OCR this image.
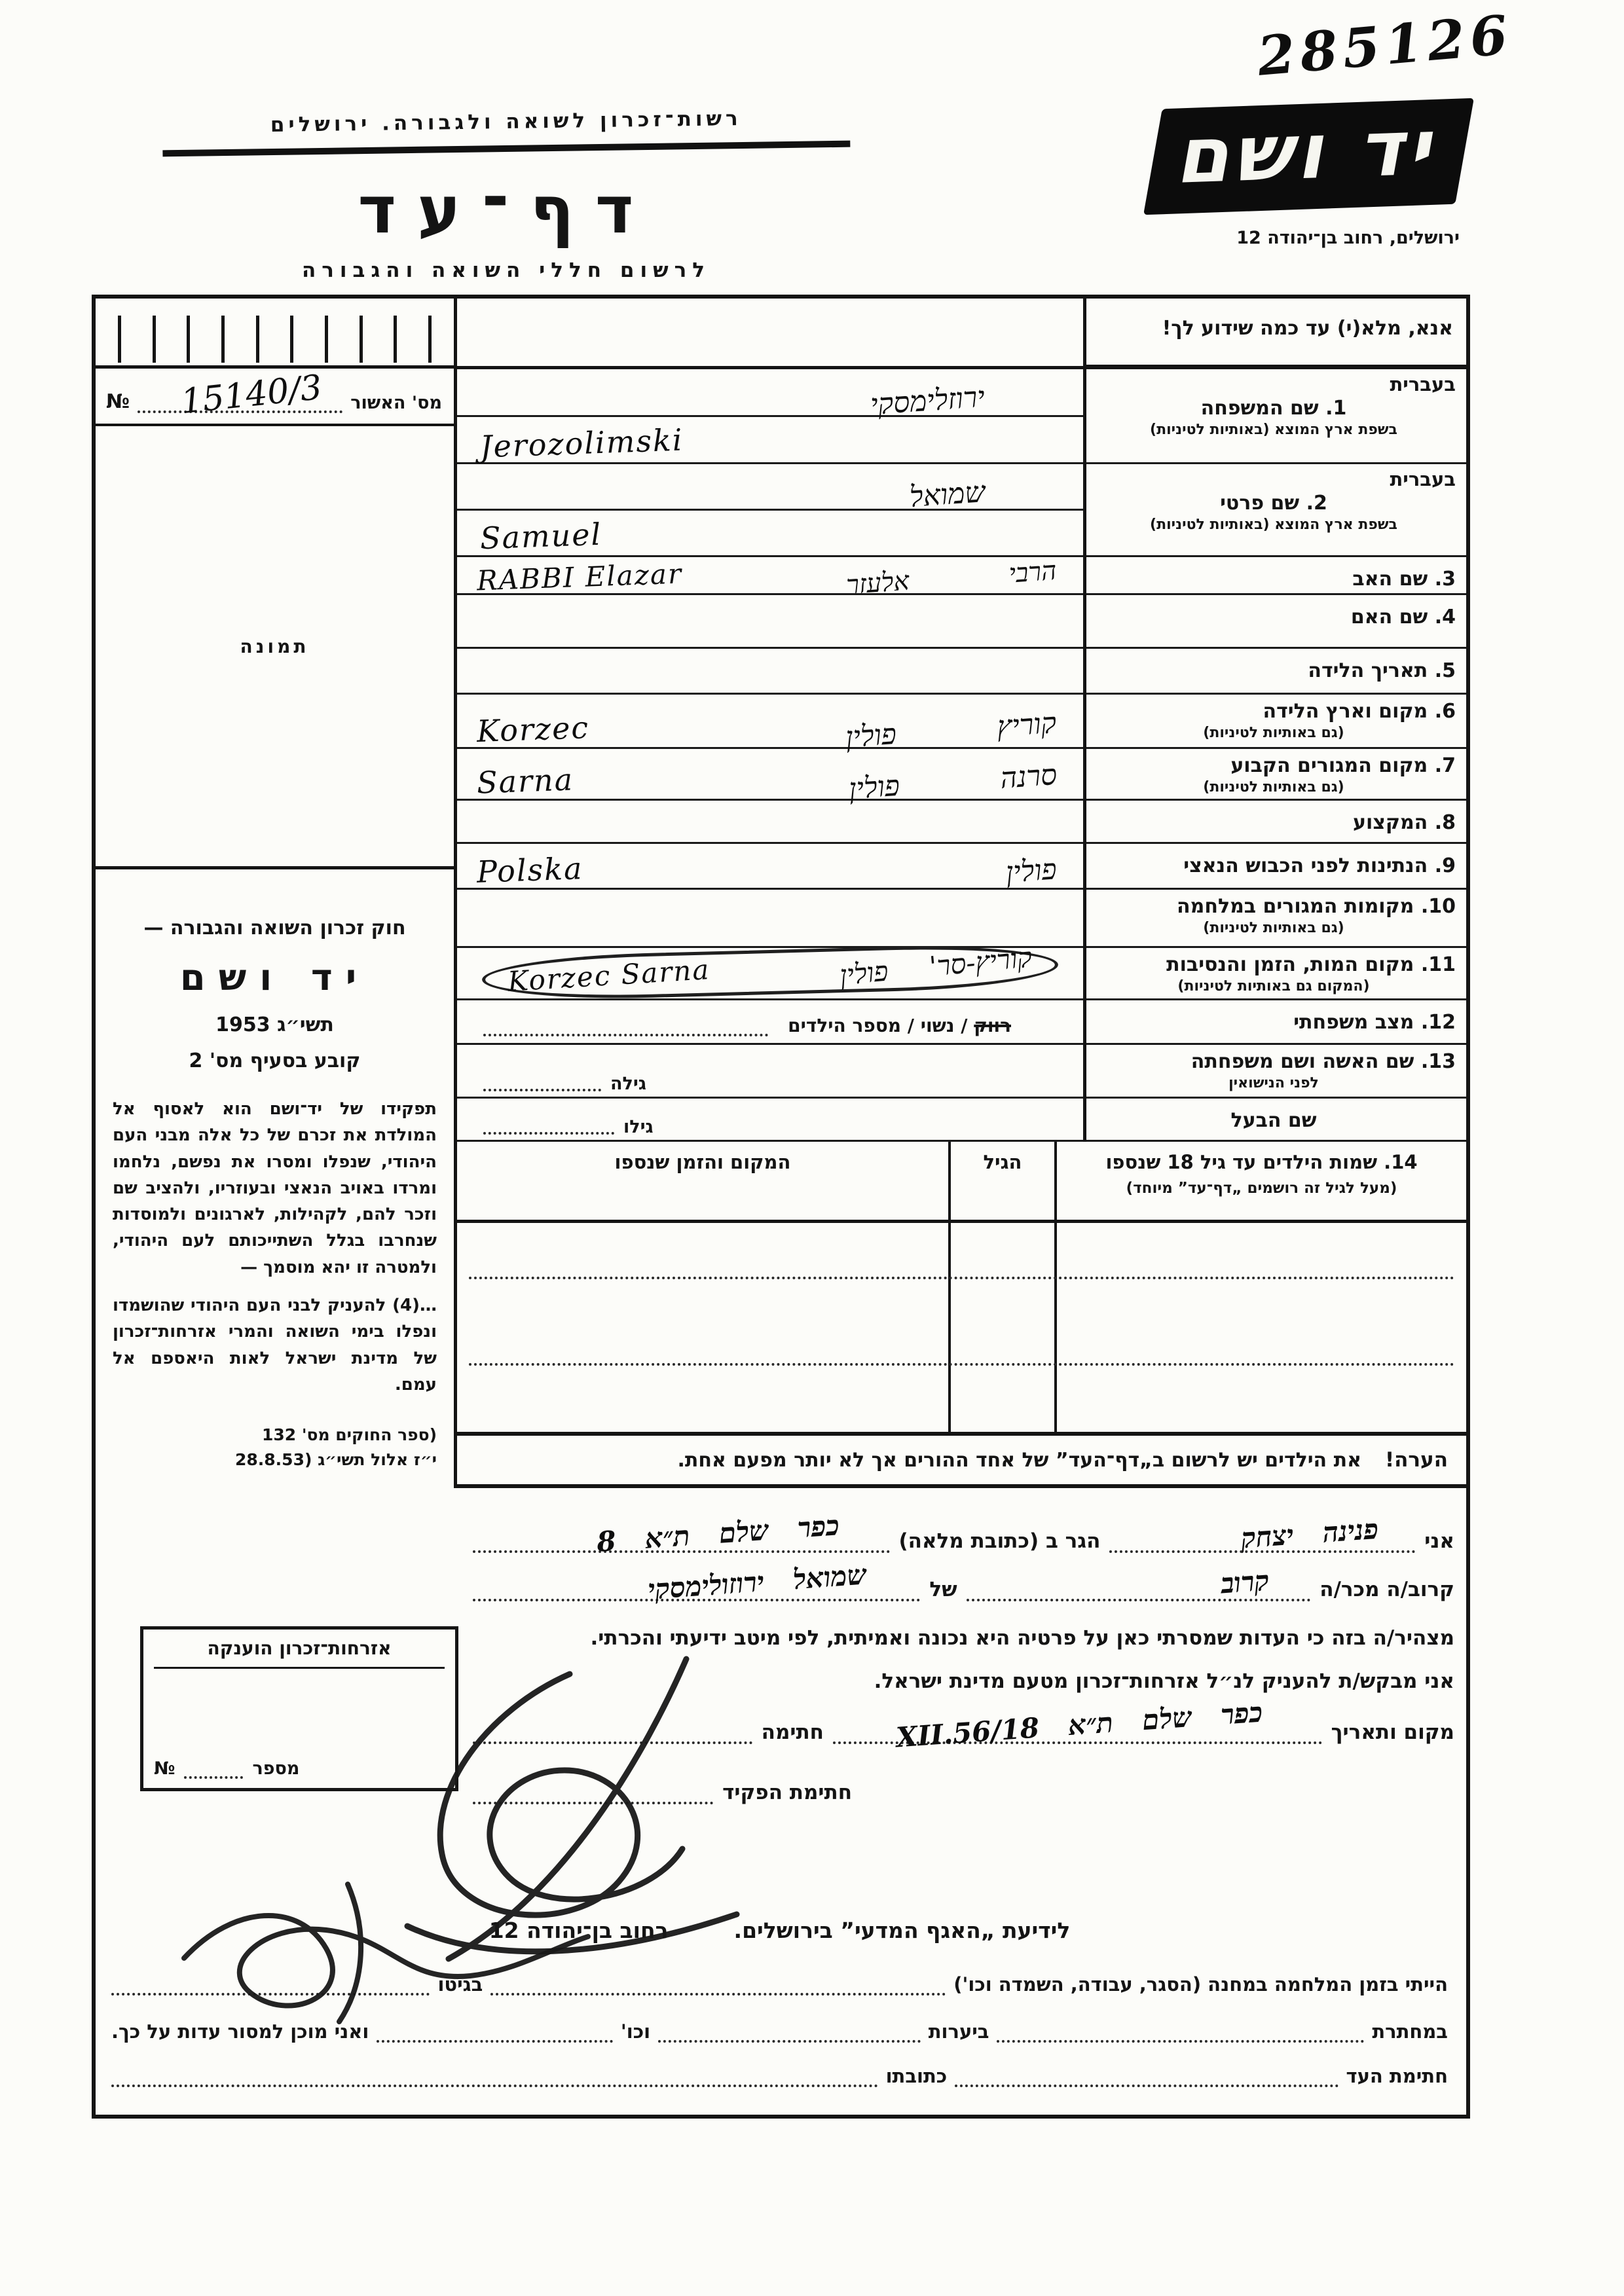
285126
רשות־זכרון לשואה ולגבורה. ירושלים
דף־עד
לרשום חללי השואה והגבורה
יד ושם
ירושלים, רחוב בן־יהודה 12
מס' האשור
15140/3
№
תמונה
חוק זכרון השואה והגבורה —
יד ושם
תשי״ג 1953
קובע בסעיף מס' 2

תפקידו של יד־ושם הוא לאסוף אל המולדת את זכרם של כל אלה מבני העם היהודי, שנפלו ומסרו את נפשם, נלחמו ומרדו באויב הנאצי ובעוזריו, ולהציב שם וזכר להם, לקהילות, לארגונים ולמוסדות שנחרבו בגלל השתייכותם לעם היהודי, ולמטרה זו יהא מוסמך —

…(4) להעניק לבני העם היהודי שהושמדו ונפלו בימי השואה והמרי אזרחות־זכרון של מדינת ישראל לאות היאספם אל עמם.

(ספר החוקים מס' 132
י״ז אלול תשי״ג (28.8.53
אנא, מלא(י) עד כמה שידוע לך!
בעברית
1. שם המשפחה
בשפת ארץ המוצא (באותיות לטיניות)
בעברית
2. שם פרטי
בשפת ארץ המוצא (באותיות לטיניות)
3. שם האב
4. שם האם
5. תאריך הלידה
6. מקום וארץ הלידה
(גם באותיות לטיניות)
7. מקום המגורים הקבוע
(גם באותיות לטיניות)
8. המקצוע
9. הנתינות לפני הכבוש הנאצי
10. מקומות המגורים במלחמה
(גם באותיות לטיניות)
11. מקום המות, הזמן והנסיבות
(המקום גם באותיות לטיניות)
12. מצב משפחתי
13. שם האשה ושם משפחתה
לפני הנישואין
שם הבעל
ירוזלימסקי
Jerozolimski
שמואל
Samuel
הרבי אלעזר
RABBI Elazar
קוריץ פולין
Korzec
סרנה פולין
Sarna
פולין
Polska
קוריץ-סר' פולין
Korzec Sarna
רווק / נשוי / מספר הילדים
גילה
גילו
14. שמות הילדים עד גיל 18 שנספו
(מעל לגיל זה רושמים „דף־עד” מיוחד)
הגיל
המקום והזמן שנספו
הערה!
את הילדים יש לרשום ב„דף־העד” של אחד ההורים אך לא יותר מפעם אחת.
אני
פנינה יצחק
הגר ב (כתובת מלאה)
כפר שלם ת״א 8
קרוב/ה מכר/ה
קרוב
של
שמואל ירוזולימסקי
מצהיר/ה בזה כי העדות שמסרתי כאן על פרטיה היא נכונה ואמיתית, לפי מיטב ידיעתי והכרתי.
אני מבקש/ת להעניק לנ״ל אזרחות־זכרון מטעם מדינת ישראל.
מקום ותאריך
כפר שלם ת״א 18/XII.56
חתימה
חתימת הפקיד
אזרחות־זכרון הוענקה
מספר
№
לידיעת „האגף המדעי” בירושלים.
רחוב בן־יהודה 12
הייתי בזמן המלחמה במחנה (הסגר, עבודה, השמדה וכו')
בגיטו
במחתרת
ביערות
וכו'
ואני מוכן למסור עדות על כך.
חתימת העד
כתובתו
